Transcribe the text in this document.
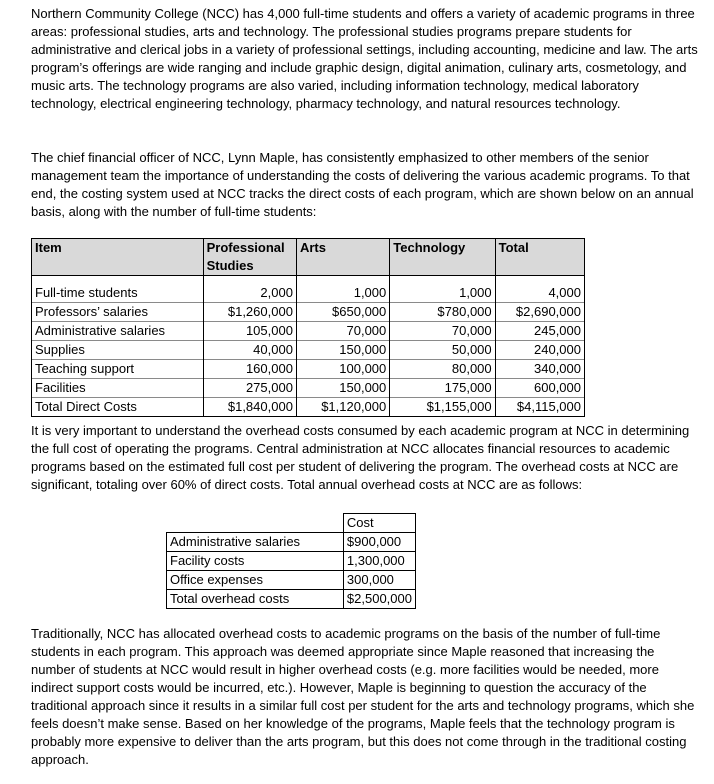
Northern Community College (NCC) has 4,000 full-time students and offers a variety of academic programs in three areas: professional studies, arts and technology. The professional studies programs prepare students for administrative and clerical jobs in a variety of professional settings, including accounting, medicine and law. The arts program’s offerings are wide ranging and include graphic design, digital animation, culinary arts, cosmetology, and music arts. The technology programs are also varied, including information technology, medical laboratory technology, electrical engineering technology, pharmacy technology, and natural resources technology.

The chief financial officer of NCC, Lynn Maple, has consistently emphasized to other members of the senior management team the importance of understanding the costs of delivering the various academic programs. To that end, the costing system used at NCC tracks the direct costs of each program, which are shown below on an annual basis, along with the number of full-time students:

Item	Professional Studies	Arts	Technology	Total

Full-time students	2,000	1,000	1,000	4,000
Professors’ salaries	$1,260,000	$650,000	$780,000	$2,690,000
Administrative salaries	105,000	70,000	70,000	245,000
Supplies	40,000	150,000	50,000	240,000
Teaching support	160,000	100,000	80,000	340,000
Facilities	275,000	150,000	175,000	600,000
Total Direct Costs	$1,840,000	$1,120,000	$1,155,000	$4,115,000

It is very important to understand the overhead costs consumed by each academic program at NCC in determining the full cost of operating the programs. Central administration at NCC allocates financial resources to academic programs based on the estimated full cost per student of delivering the program. The overhead costs at NCC are significant, totaling over 60% of direct costs. Total annual overhead costs at NCC are as follows:

	Cost
Administrative salaries	$900,000
Facility costs	1,300,000
Office expenses	300,000
Total overhead costs	$2,500,000

Traditionally, NCC has allocated overhead costs to academic programs on the basis of the number of full-time students in each program. This approach was deemed appropriate since Maple reasoned that increasing the number of students at NCC would result in higher overhead costs (e.g. more facilities would be needed, more indirect support costs would be incurred, etc.). However, Maple is beginning to question the accuracy of the traditional approach since it results in a similar full cost per student for the arts and technology programs, which she feels doesn’t make sense. Based on her knowledge of the programs, Maple feels that the technology program is probably more expensive to deliver than the arts program, but this does not come through in the traditional costing approach.
